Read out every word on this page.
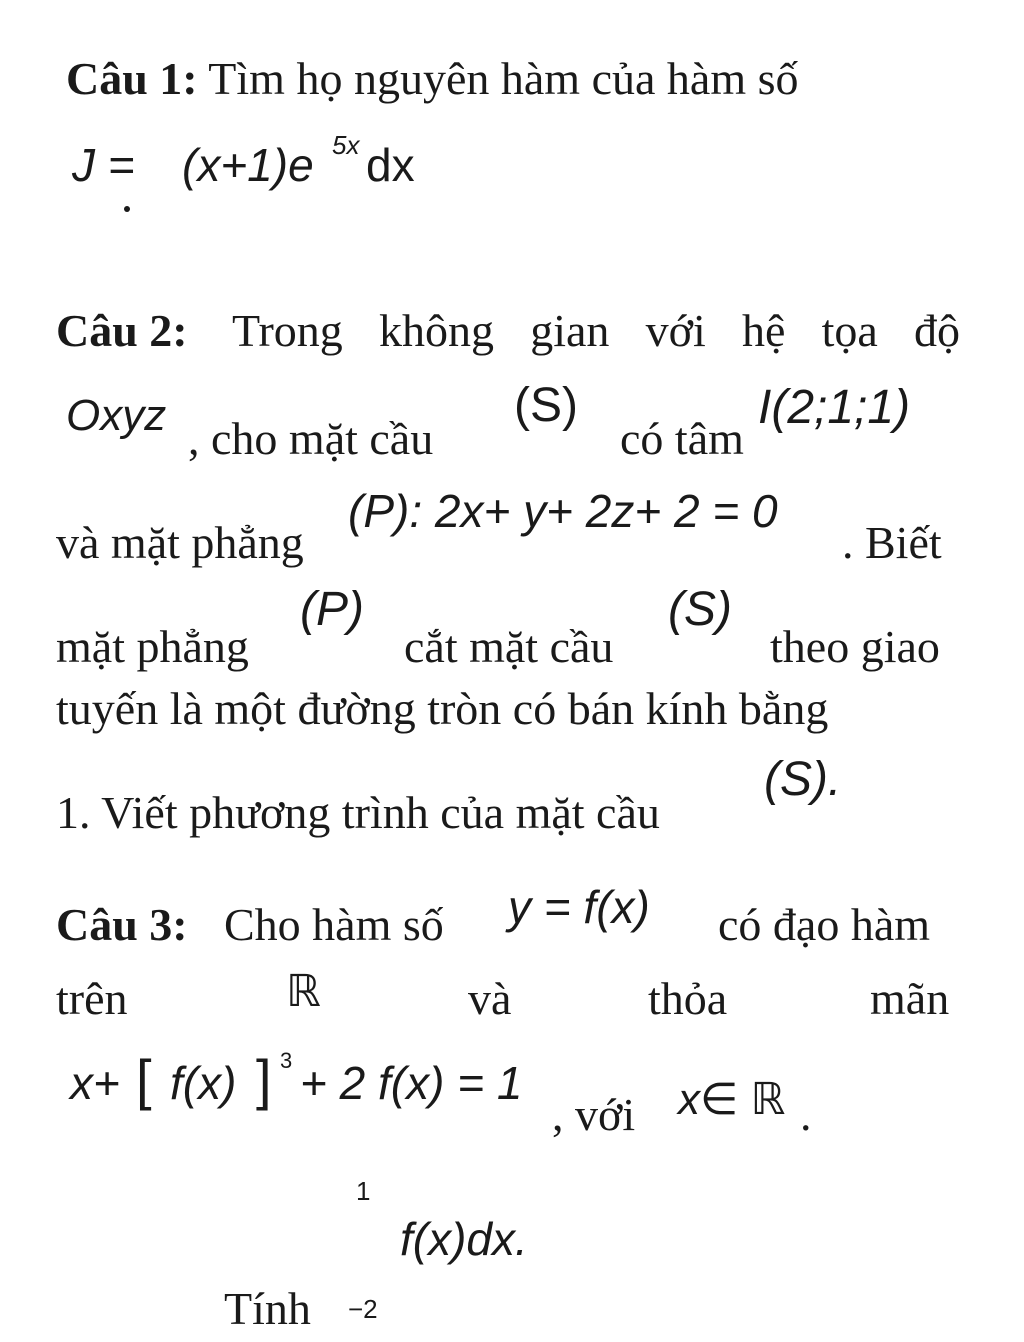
Câu 1: Tìm họ nguyên hàm của hàm số
J = (x+1)e 5x dx
Câu 2: Trong không gian với hệ tọa độ
Oxyz , cho mặt cầu
(S)
có tâm
I(2;1;1)
và mặt phẳng
(P): 2x+ y+ 2z+ 2 = 0
. Biết
mặt phẳng
(P)
cắt mặt cầu
(S)
theo giao
tuyến là một đường tròn có bán kính bằng
1. Viết phương trình của mặt cầu
(S).
Câu 3: Cho hàm số y = f(x) có đạo hàm
trên	ℝ	và	thỏa	mãn
x+ [ f(x) ] 3 + 2 f(x) = 1
, với x∈ ℝ .
1
f(x)dx.
Tính −2
